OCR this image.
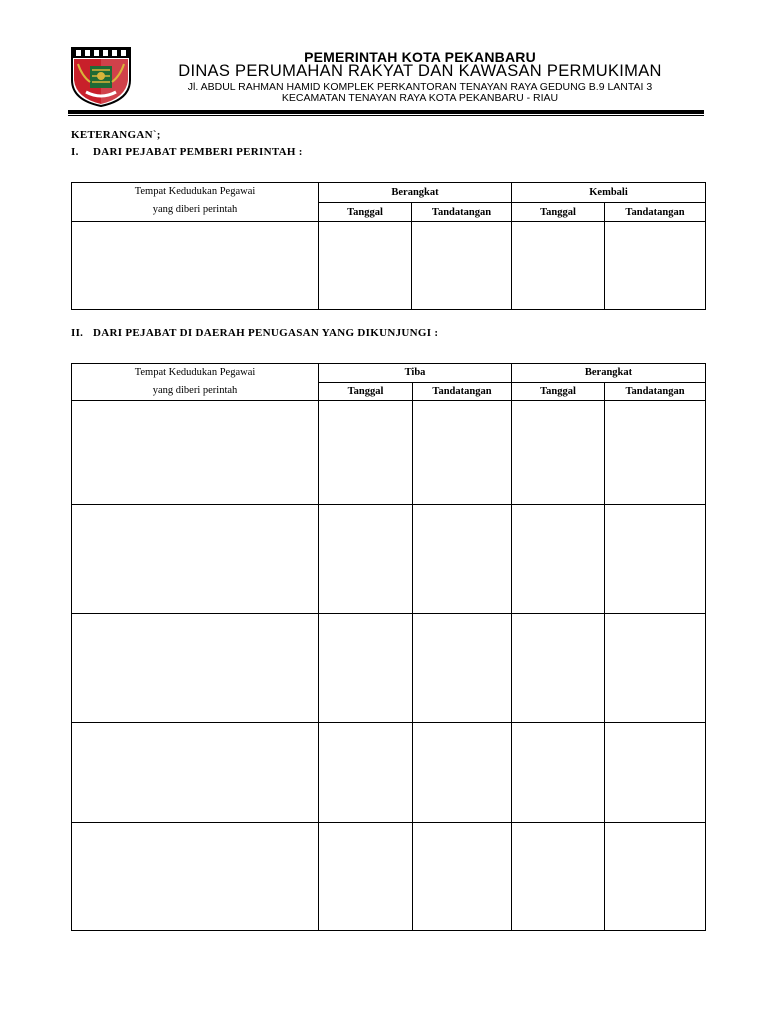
PEMERINTAH KOTA PEKANBARU
DINAS PERUMAHAN RAKYAT DAN KAWASAN PERMUKIMAN
Jl. ABDUL RAHMAN HAMID KOMPLEK PERKANTORAN TENAYAN RAYA GEDUNG B.9 LANTAI 3
KECAMATAN TENAYAN RAYA KOTA PEKANBARU - RIAU
KETERANGAN`;
I. DARI PEJABAT PEMBERI PERINTAH :
Tempat Kedudukan Pegawai
yang diberi perintah	Berangkat		Kembali	
	Tanggal	Tandatangan	Tanggal	Tandatangan

II. DARI PEJABAT DI DAERAH PENUGASAN YANG DIKUNJUNGI :
Tempat Kedudukan Pegawai
yang diberi perintah	Tiba		Berangkat	
	Tanggal	Tandatangan	Tanggal	Tandatangan
